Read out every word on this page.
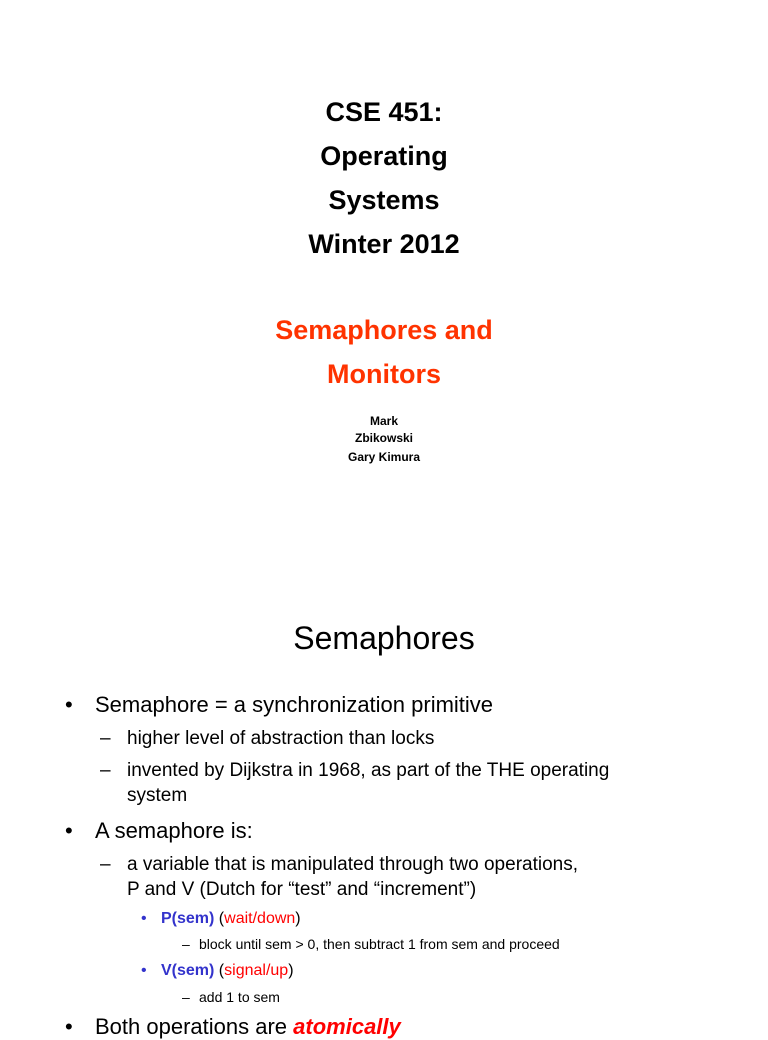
CSE 451:
Operating
Systems
Winter 2012
Semaphores and
Monitors
Mark
Zbikowski
Gary Kimura
Semaphores
• Semaphore = a synchronization primitive
– higher level of abstraction than locks
– invented by Dijkstra in 1968, as part of the THE operating
system
• A semaphore is:
– a variable that is manipulated through two operations,
P and V (Dutch for “test” and “increment”)
• P(sem) (wait/down)
– block until sem > 0, then subtract 1 from sem and proceed
• V(sem) (signal/up)
– add 1 to sem
• Both operations are atomically
